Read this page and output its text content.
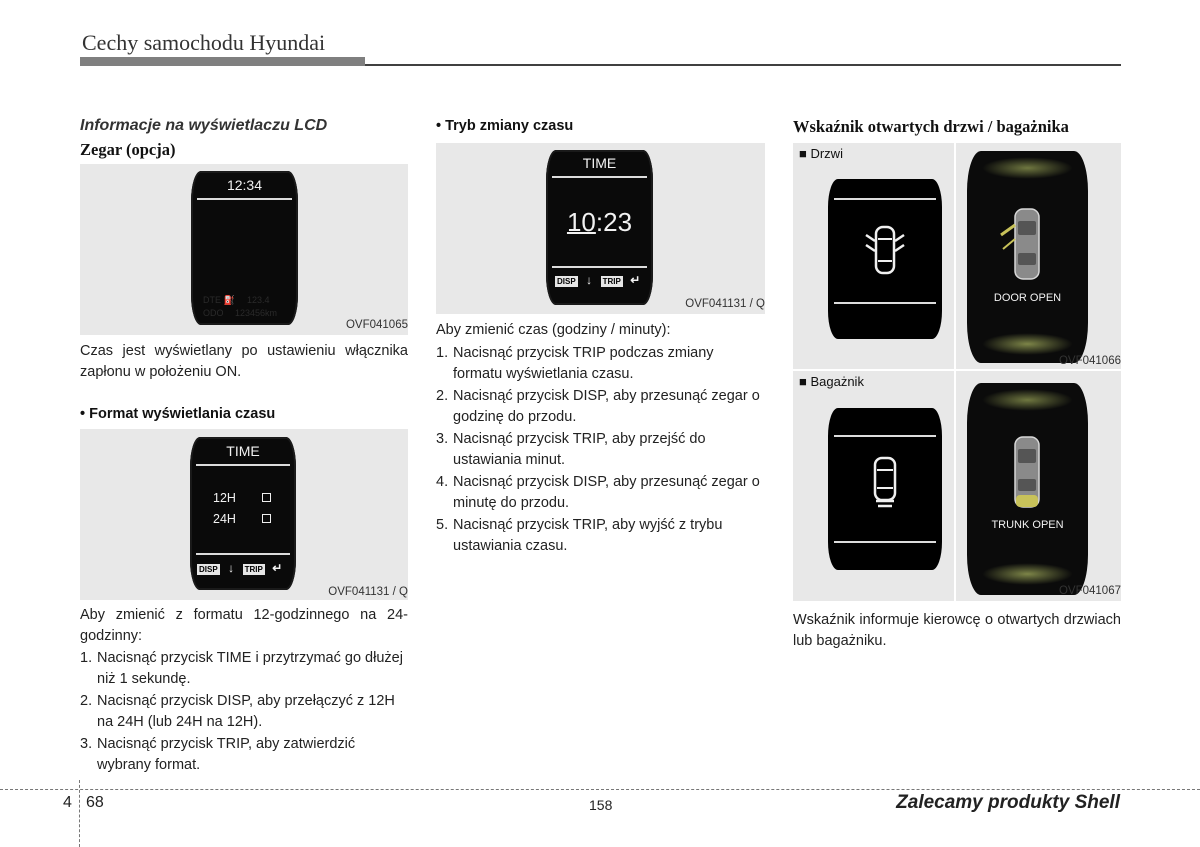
Cechy samochodu Hyundai
Informacje na wyświetlaczu LCD
Zegar (opcja)
12:34
DTE ⛽ 123.4
ODO 123456km
OVF041065
Czas jest wyświetlany po ustawieniu włącznika zapłonu w położeniu ON.
• Format wyświetlania czasu
TIME
12H
24H
DISP ↓ TRIP ↵
OVF041131 / Q
Aby zmienić z formatu 12-godzinnego na 24-godzinny:
1. Nacisnąć przycisk TIME i przytrzymać go dłużej niż 1 sekundę.
2. Nacisnąć przycisk DISP, aby przełączyć z 12H na 24H (lub 24H na 12H).
3. Nacisnąć przycisk TRIP, aby zatwierdzić wybrany format.
• Tryb zmiany czasu
TIME
10:23
DISP ↓ TRIP ↵
OVF041131 / Q
Aby zmienić czas (godziny / minuty):
1. Nacisnąć przycisk TRIP podczas zmiany formatu wyświetlania czasu.
2. Nacisnąć przycisk DISP, aby przesunąć zegar o godzinę do przodu.
3. Nacisnąć przycisk TRIP, aby przejść do ustawiania minut.
4. Nacisnąć przycisk DISP, aby przesunąć zegar o minutę do przodu.
5. Nacisnąć przycisk TRIP, aby wyjść z trybu ustawiania czasu.
Wskaźnik otwartych drzwi / bagażnika
■ Drzwi
DOOR OPEN
OVF041066
■ Bagażnik
TRUNK OPEN
OVF041067
Wskaźnik informuje kierowcę o otwartych drzwiach lub bagażniku.
4 68	158	Zalecamy produkty Shell
